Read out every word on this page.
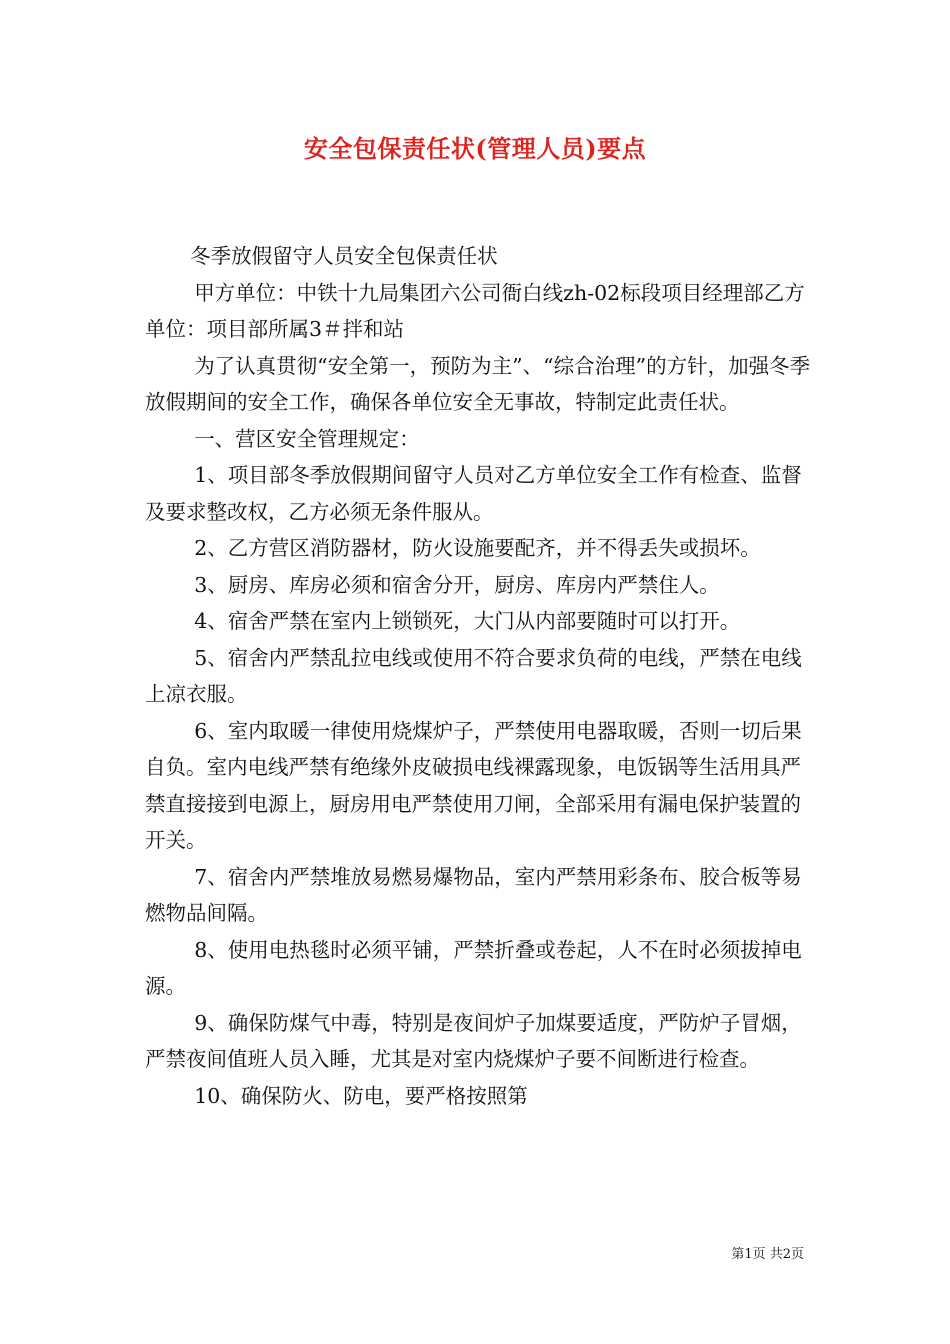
安全包保责任状(管理人员)要点

冬季放假留守人员安全包保责任状

甲方单位：中铁十九局集团六公司衙白线zh-02标段项目经理部乙方单位：项目部所属3＃拌和站

为了认真贯彻“安全第一，预防为主”、“综合治理”的方针，加强冬季放假期间的安全工作，确保各单位安全无事故，特制定此责任状。

一、营区安全管理规定：

1、项目部冬季放假期间留守人员对乙方单位安全工作有检查、监督及要求整改权，乙方必须无条件服从。

2、乙方营区消防器材，防火设施要配齐，并不得丢失或损坏。

3、厨房、库房必须和宿舍分开，厨房、库房内严禁住人。

4、宿舍严禁在室内上锁锁死，大门从内部要随时可以打开。

5、宿舍内严禁乱拉电线或使用不符合要求负荷的电线，严禁在电线上凉衣服。

6、室内取暖一律使用烧煤炉子，严禁使用电器取暖，否则一切后果自负。室内电线严禁有绝缘外皮破损电线裸露现象，电饭锅等生活用具严禁直接接到电源上，厨房用电严禁使用刀闸，全部采用有漏电保护装置的开关。

7、宿舍内严禁堆放易燃易爆物品，室内严禁用彩条布、胶合板等易燃物品间隔。

8、使用电热毯时必须平铺，严禁折叠或卷起，人不在时必须拔掉电源。

9、确保防煤气中毒，特别是夜间炉子加煤要适度，严防炉子冒烟，严禁夜间值班人员入睡，尤其是对室内烧煤炉子要不间断进行检查。

10、确保防火、防电，要严格按照第

第1页 共2页
